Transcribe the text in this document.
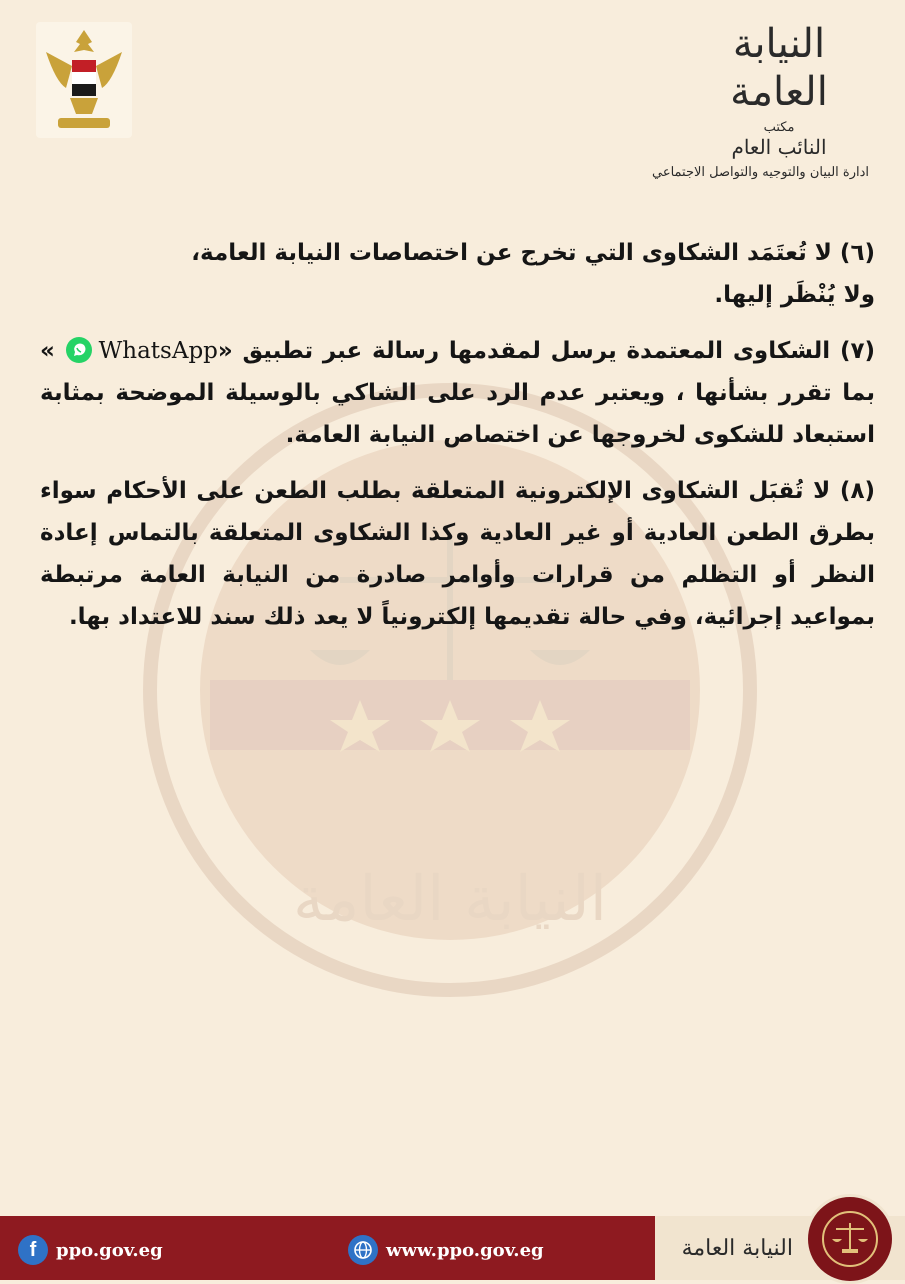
النيابة العامة
النيابة العامة
مكتب
النائب العام
ادارة البيان والتوجيه والتواصل الاجتماعي

(٦) لا تُعتَمَد الشكاوى التي تخرج عن اختصاصات النيابة العامة،

ولا يُنْظَر إليها.

(٧) الشكاوى المعتمدة يرسل لمقدمها رسالة عبر تطبيق «WhatsApp » بما تقرر بشأنها ، ويعتبر عدم الرد على الشاكي بالوسيلة الموضحة بمثابة استبعاد للشكوى لخروجها عن اختصاص النيابة العامة.

(٨) لا تُقبَل الشكاوى الإلكترونية المتعلقة بطلب الطعن على الأحكام سواء بطرق الطعن العادية أو غير العادية وكذا الشكاوى المتعلقة بالتماس إعادة النظر أو التظلم من قرارات وأوامر صادرة من النيابة العامة مرتبطة بمواعيد إجرائية، وفي حالة تقديمها إلكترونياً لا يعد ذلك سند للاعتداد بها.

f	ppo.gov.eg	www.ppo.gov.eg	النيابة العامة
